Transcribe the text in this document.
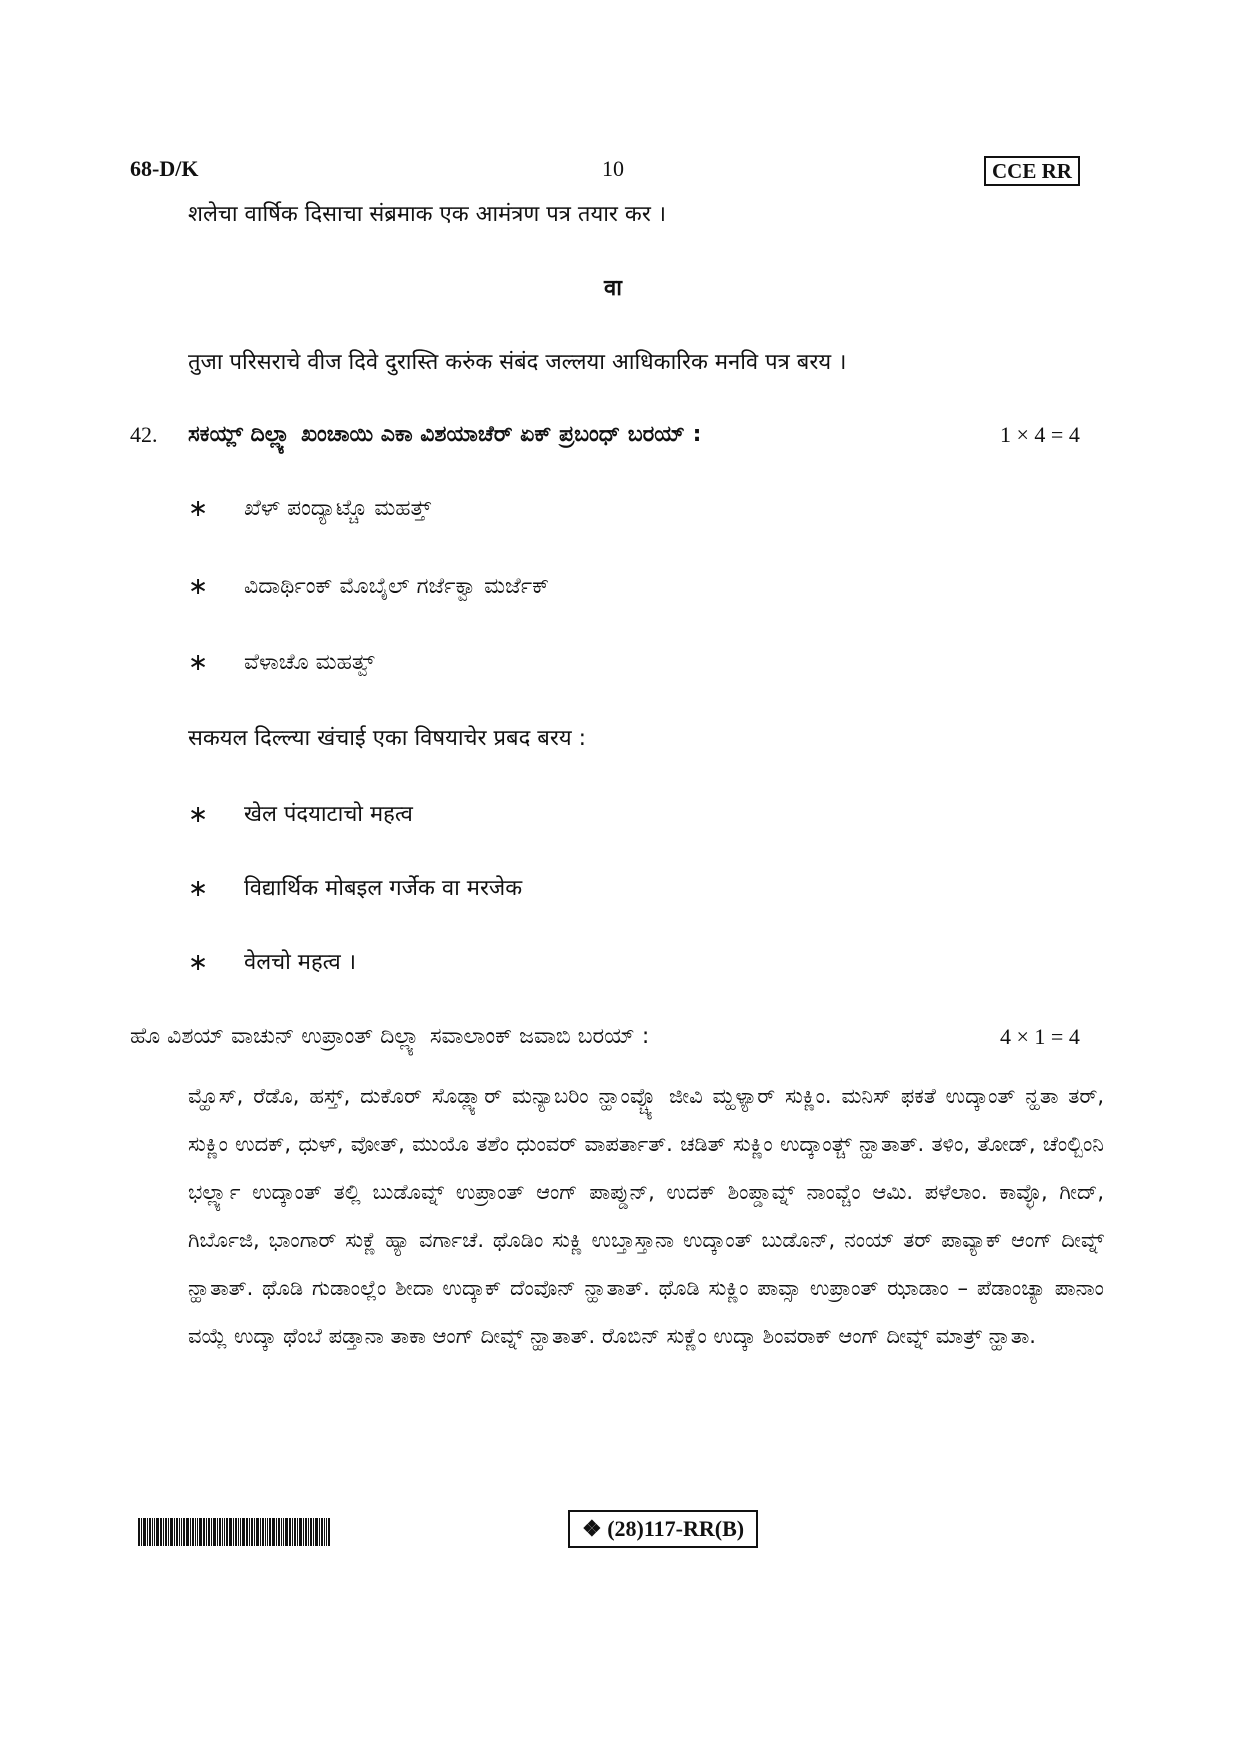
68-D/K	10	CCE RR
शलेचा वार्षिक दिसाचा संब्रमाक एक आमंत्रण पत्र तयार कर ।
वा
तुजा परिसराचे वीज दिवे दुरास्ति करुंक संबंद जल्लया आधिकारिक मनवि पत्र बरय ।
42. ಸಕಯ್ಲ್ ದಿಲ್ಲ್ಯಾ ಖಂಚಾಯಿ ಎಕಾ ವಿಶಯಾಚೆರ್ ಏಕ್ ಪ್ರಬಂಧ್ ಬರಯ್ :	1 × 4 = 4
∗ ಖೆಳ್ ಪಂದ್ಯಾಟ್ಚೊ ಮಹತ್ತ್
∗ ವಿದಾರ್ಥಿಂಕ್ ಮೊಬೈಲ್ ಗರ್ಜೆಕ್ವಾ ಮರ್ಜೆಕ್
∗ ವೆಳಾಚೊ ಮಹತ್ವ್
सकयल दिल्ल्या खंचाई एका विषयाचेर प्रबद बरय :
∗ खेल पंदयाटाचो महत्व
∗ विद्यार्थिक मोबइल गर्जेक वा मरजेक
∗ वेलचो महत्व ।
ಹೊ ವಿಶಯ್ ವಾಚುನ್ ಉಪ್ರಾಂತ್ ದಿಲ್ಲ್ಯಾ ಸವಾಲಾಂಕ್ ಜವಾಬಿ ಬರಯ್ :	4 × 1 = 4
ಮ್ಹೊಸ್, ರೆಡೊ, ಹಸ್ತ್, ದುಕೊರ್ ಸೊಡ್ಲ್ಯಾರ್ ಮನ್ಯಾಬರಿಂ ನ್ಹಾಂವ್ಚ್ಯೊ ಜೀವಿ ಮ್ಹಳ್ಯಾರ್ ಸುಕ್ಣಿಂ. ಮನಿಸ್ ಫಕತೆ ಉದ್ಕಾಂತ್ ನ್ಹತಾ ತರ್, ಸುಕ್ಣಿಂ ಉದಕ್, ಧುಳ್, ವೋತ್, ಮುಯೊ ತಶೆಂ ಧುಂವರ್ ವಾಪರ್ತಾತ್. ಚಡಿತ್ ಸುಕ್ಣಿಂ ಉದ್ಕಾಂತ್ಚ್ ನ್ಹಾತಾತ್. ತಳಿಂ, ತೋಡ್, ಚೆಂಲ್ಬಿಂನಿ ಭರ್ಲ್ಲ್ಯಾ ಉದ್ಕಾಂತ್ ತಲ್ಲಿ ಬುಡೊವ್ನ್ ಉಪ್ರಾಂತ್ ಆಂಗ್ ಪಾಪ್ಡುನ್, ಉದಕ್ ಶಿಂಪ್ಡಾವ್ನ್ ನಾಂವ್ಚೆಂ ಆಮಿ. ಪಳೆಲಾಂ. ಕಾವ್ಳೊ, ಗೀದ್, ಗಿರ್ಬೊಜಿ, ಭಾಂಗಾರ್ ಸುಕ್ಣೆ ಹ್ಯಾ ವರ್ಗಾಚೆ. ಥೊಡಿಂ ಸುಕ್ಣಿ ಉಬ್ತಾಸ್ತಾನಾ ಉದ್ಕಾಂತ್ ಬುಡೊನ್, ನಂಯ್ ತರ್ ಪಾವ್ಯಾಕ್ ಆಂಗ್ ದೀವ್ನ್ ನ್ಹಾತಾತ್. ಥೊಡಿ ಗುಡಾಂಲ್ಲೆಂ ಶೀದಾ ಉದ್ಕಾಕ್ ದೆಂವೊನ್ ನ್ಹಾತಾತ್. ಥೊಡಿ ಸುಕ್ಣಿಂ ಪಾವ್ಸಾ ಉಪ್ರಾಂತ್ ಝಾಡಾಂ – ಪೆಡಾಂಚ್ಯಾ ಪಾನಾಂ ವಯ್ಲೆ ಉದ್ಕಾ ಥೆಂಬೆ ಪಡ್ತಾನಾ ತಾಕಾ ಆಂಗ್ ದೀವ್ನ್ ನ್ಹಾತಾತ್. ರೊಬಿನ್ ಸುಕ್ಣೆಂ ಉದ್ಕಾ ಶಿಂವರಾಕ್ ಆಂಗ್ ದೀವ್ನ್ ಮಾತ್ರ್ ನ್ಹಾತಾ.
❖ (28)117-RR(B)
